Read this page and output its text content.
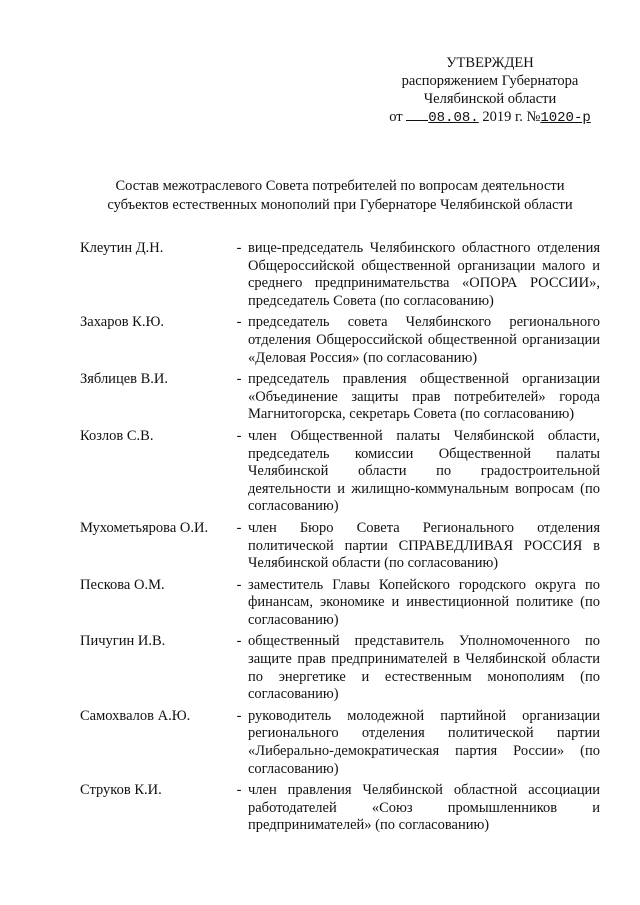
УТВЕРЖДЕН
распоряжением Губернатора
Челябинской области
от 08.08. 2019 г. №1020-р
Состав межотраслевого Совета потребителей по вопросам деятельности
субъектов естественных монополий при Губернаторе Челябинской области
Клеутин Д.Н.	- вице-председатель Челябинского областного отделения Общероссийской общественной организации малого и среднего предпринимательства «ОПОРА РОССИИ», председатель Совета (по согласованию)
Захаров К.Ю.	- председатель совета Челябинского регионального отделения Общероссийской общественной организации «Деловая Россия» (по согласованию)
Зяблицев В.И.	- председатель правления общественной организации «Объединение защиты прав потребителей» города Магнитогорска, секретарь Совета (по согласованию)
Козлов С.В.	- член Общественной палаты Челябинской области, председатель комиссии Общественной палаты Челябинской области по градостроительной деятельности и жилищно-коммунальным вопросам (по согласованию)
Мухометьярова О.И.	- член Бюро Совета Регионального отделения политической партии СПРАВЕДЛИВАЯ РОССИЯ в Челябинской области (по согласованию)
Пескова О.М.	- заместитель Главы Копейского городского округа по финансам, экономике и инвестиционной политике (по согласованию)
Пичугин И.В.	- общественный представитель Уполномоченного по защите прав предпринимателей в Челябинской области по энергетике и естественным монополиям (по согласованию)
Самохвалов А.Ю.	- руководитель молодежной партийной организации регионального отделения политической партии «Либерально-демократическая партия России» (по согласованию)
Струков К.И.	- член правления Челябинской областной ассоциации работодателей «Союз промышленников и предпринимателей» (по согласованию)
